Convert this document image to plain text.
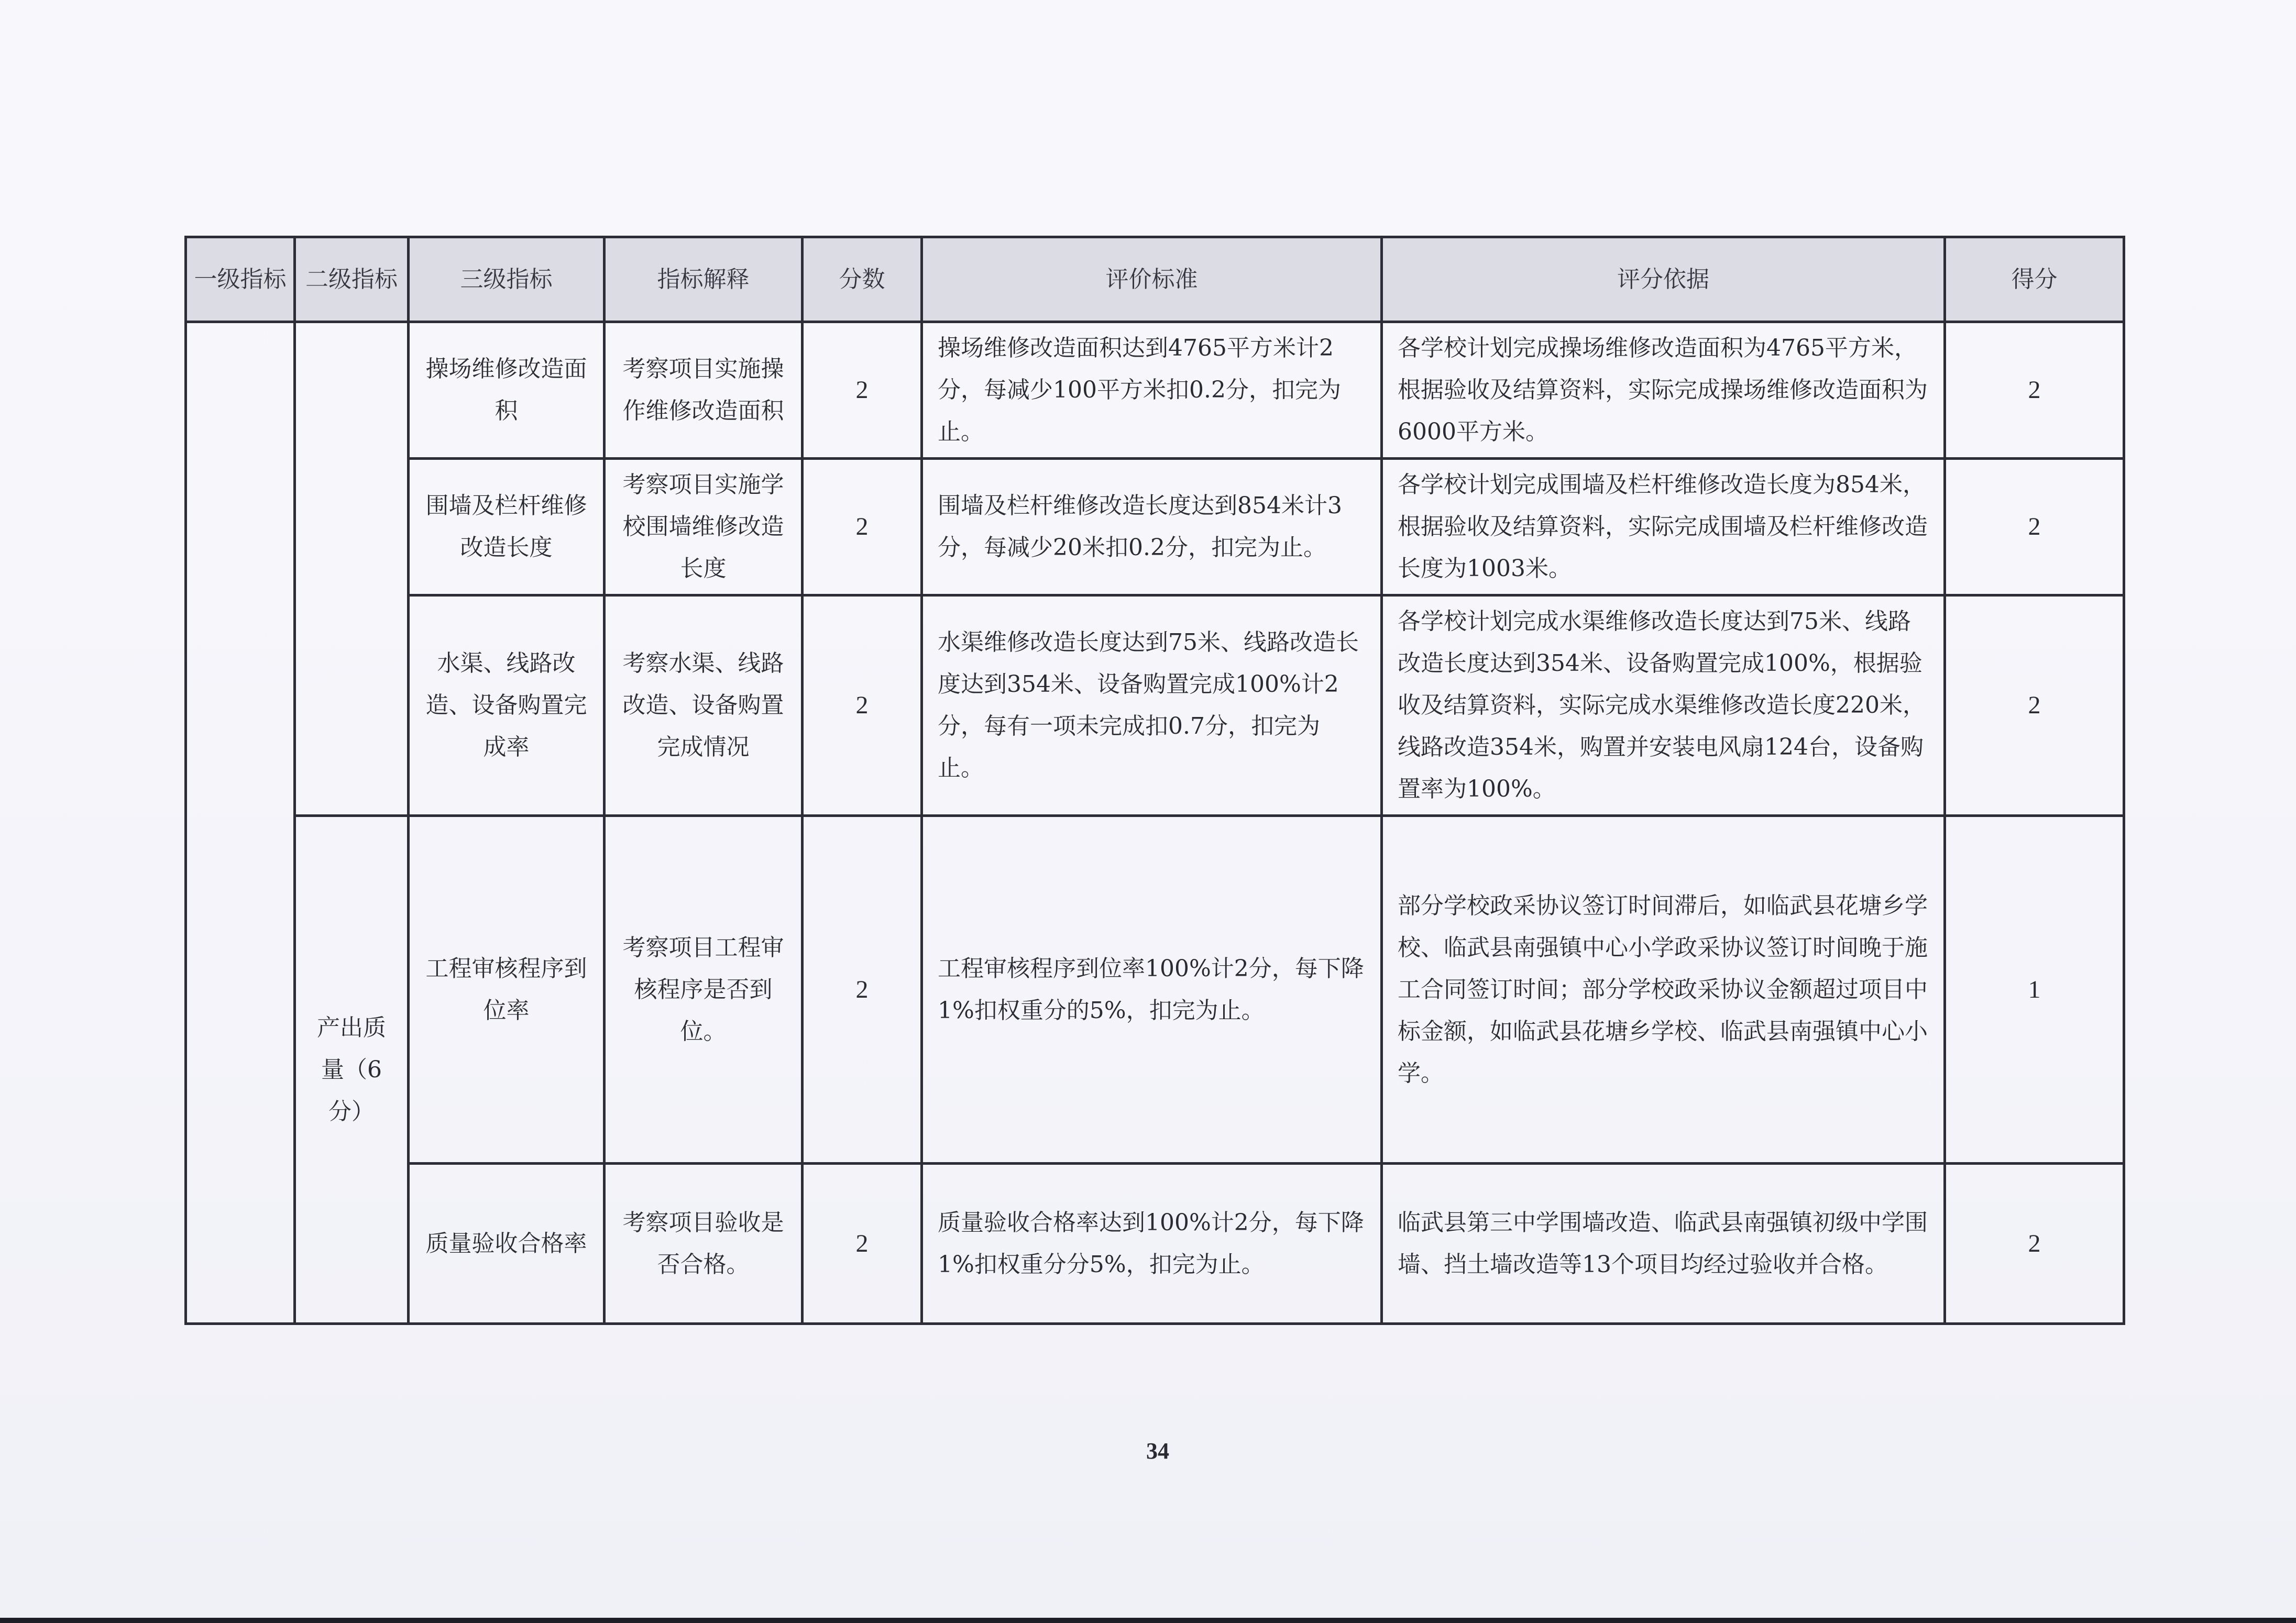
一级指标	二级指标	三级指标	指标解释	分数	评价标准	评分依据	得分
		操场维修改造面积	考察项目实施操作维修改造面积	2	操场维修改造面积达到4765平方米计2分，每减少100平方米扣0.2分，扣完为止。	各学校计划完成操场维修改造面积为4765平方米，根据验收及结算资料，实际完成操场维修改造面积为6000平方米。	2
		围墙及栏杆维修改造长度	考察项目实施学校围墙维修改造长度	2	围墙及栏杆维修改造长度达到854米计3分，每减少20米扣0.2分，扣完为止。	各学校计划完成围墙及栏杆维修改造长度为854米，根据验收及结算资料，实际完成围墙及栏杆维修改造长度为1003米。	2
		水渠、线路改造、设备购置完成率	考察水渠、线路改造、设备购置完成情况	2	水渠维修改造长度达到75米、线路改造长度达到354米、设备购置完成100%计2分，每有一项未完成扣0.7分，扣完为止。	各学校计划完成水渠维修改造长度达到75米、线路改造长度达到354米、设备购置完成100%，根据验收及结算资料，实际完成水渠维修改造长度220米，线路改造354米，购置并安装电风扇124台，设备购置率为100%。	2
	产出质量（6分）	工程审核程序到位率	考察项目工程审核程序是否到位。	2	工程审核程序到位率100%计2分，每下降1%扣权重分的5%，扣完为止。	部分学校政采协议签订时间滞后，如临武县花塘乡学校、临武县南强镇中心小学政采协议签订时间晚于施工合同签订时间；部分学校政采协议金额超过项目中标金额，如临武县花塘乡学校、临武县南强镇中心小学。	1
		质量验收合格率	考察项目验收是否合格。	2	质量验收合格率达到100%计2分，每下降1%扣权重分分5%，扣完为止。	临武县第三中学围墙改造、临武县南强镇初级中学围墙、挡土墙改造等13个项目均经过验收并合格。	2
34
